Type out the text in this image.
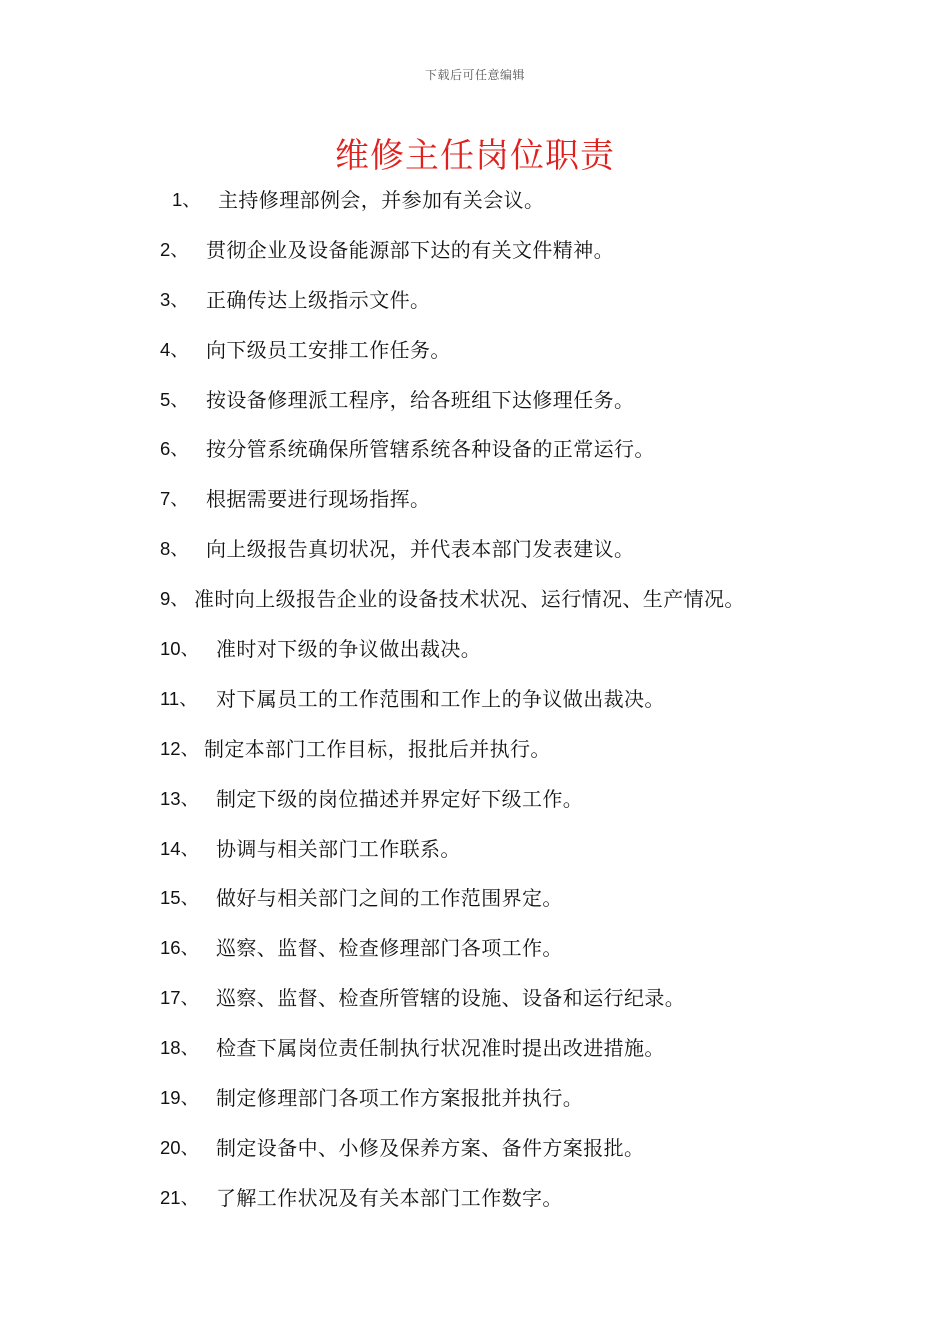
下载后可任意编辑
维修主任岗位职责
1、 主持修理部例会，并参加有关会议。
2、 贯彻企业及设备能源部下达的有关文件精神。
3、 正确传达上级指示文件。
4、 向下级员工安排工作任务。
5、 按设备修理派工程序，给各班组下达修理任务。
6、 按分管系统确保所管辖系统各种设备的正常运行。
7、 根据需要进行现场指挥。
8、 向上级报告真切状况，并代表本部门发表建议。
9、 准时向上级报告企业的设备技术状况、运行情况、生产情况。
10、 准时对下级的争议做出裁决。
11、 对下属员工的工作范围和工作上的争议做出裁决。
12、 制定本部门工作目标，报批后并执行。
13、 制定下级的岗位描述并界定好下级工作。
14、 协调与相关部门工作联系。
15、 做好与相关部门之间的工作范围界定。
16、 巡察、监督、检查修理部门各项工作。
17、 巡察、监督、检查所管辖的设施、设备和运行纪录。
18、 检查下属岗位责任制执行状况准时提出改进措施。
19、 制定修理部门各项工作方案报批并执行。
20、 制定设备中、小修及保养方案、备件方案报批。
21、 了解工作状况及有关本部门工作数字。
